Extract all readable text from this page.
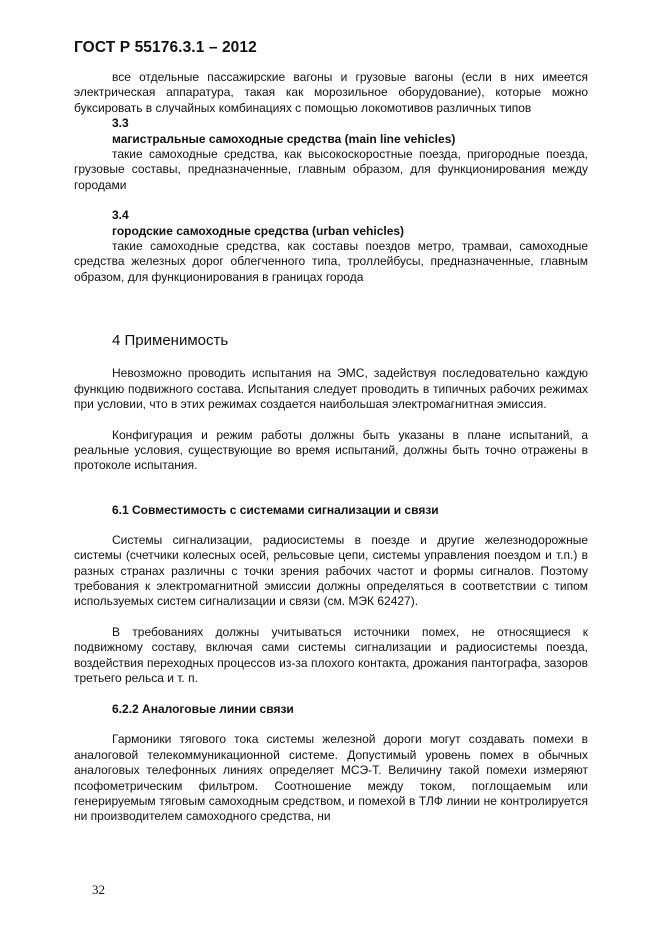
ГОСТ Р 55176.3.1 – 2012

все отдельные пассажирские вагоны и грузовые вагоны (если в них имеется электрическая аппаратура, такая как морозильное оборудование), которые можно буксировать в случайных комбинациях с помощью локомотивов различных типов

3.3
магистральные самоходные средства (main line vehicles)

такие самоходные средства, как высокоскоростные поезда, пригородные поезда, грузовые составы, предназначенные, главным образом, для функционирования между городами

3.4
городские самоходные средства (urban vehicles)

такие самоходные средства, как составы поездов метро, трамваи, самоходные средства железных дорог облегченного типа, троллейбусы, предназначенные, главным образом, для функционирования в границах города

4 Применимость

Невозможно проводить испытания на ЭМС, задействуя последовательно каждую функцию подвижного состава. Испытания следует проводить в типичных рабочих режимах при условии, что в этих режимах создается наибольшая электромагнитная эмиссия.

Конфигурация и режим работы должны быть указаны в плане испытаний, а реальные условия, существующие во время испытаний, должны быть точно отражены в протоколе испытания.

6.1 Совместимость с системами сигнализации и связи

Системы сигнализации, радиосистемы в поезде и другие железнодорожные системы (счетчики колесных осей, рельсовые цепи, системы управления поездом и т.п.) в разных странах различны с точки зрения рабочих частот и формы сигналов. Поэтому требования к электромагнитной эмиссии должны определяться в соответствии с типом используемых систем сигнализации и связи (см. МЭК 62427).

В требованиях должны учитываться источники помех, не относящиеся к подвижному составу, включая сами системы сигнализации и радиосистемы поезда, воздействия переходных процессов из-за плохого контакта, дрожания пантографа, зазоров третьего рельса и т. п.

6.2.2 Аналоговые линии связи

Гармоники тягового тока системы железной дороги могут создавать помехи в аналоговой телекоммуникационной системе. Допустимый уровень помех в обычных аналоговых телефонных линиях определяет МСЭ-Т. Величину такой помехи измеряют псофометрическим фильтром. Соотношение между током, поглощаемым или генерируемым тяговым самоходным средством, и помехой в ТЛФ линии не контролируется ни производителем самоходного средства, ни

32
